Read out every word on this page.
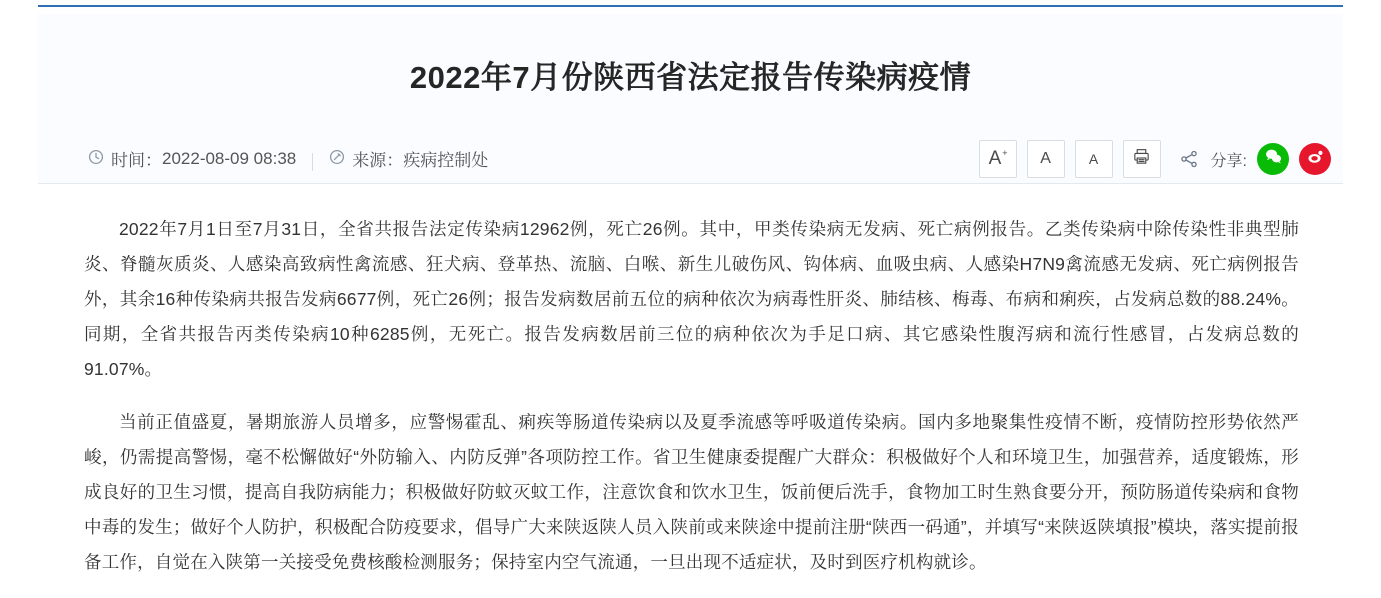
2022年7月份陕西省法定报告传染病疫情
时间： 2022-08-09 08:38	来源： 疾病控制处	A+ A	A	分享:

2022年7月1日至7月31日，全省共报告法定传染病12962例，死亡26例。其中，甲类传染病无发病、死亡病例报告。乙类传染病中除传染性非典型肺炎、脊髓灰质炎、人感染高致病性禽流感、狂犬病、登革热、流脑、白喉、新生儿破伤风、钩体病、血吸虫病、人感染H7N9禽流感无发病、死亡病例报告外，其余16种传染病共报告发病6677例，死亡26例；报告发病数居前五位的病种依次为病毒性肝炎、肺结核、梅毒、布病和痢疾，占发病总数的88.24%。同期，全省共报告丙类传染病10种6285例，无死亡。报告发病数居前三位的病种依次为手足口病、其它感染性腹泻病和流行性感冒，占发病总数的91.07%。

当前正值盛夏，暑期旅游人员增多，应警惕霍乱、痢疾等肠道传染病以及夏季流感等呼吸道传染病。国内多地聚集性疫情不断，疫情防控形势依然严峻，仍需提高警惕，毫不松懈做好“外防输入、内防反弹”各项防控工作。省卫生健康委提醒广大群众：积极做好个人和环境卫生，加强营养，适度锻炼，形成良好的卫生习惯，提高自我防病能力；积极做好防蚊灭蚊工作，注意饮食和饮水卫生，饭前便后洗手，食物加工时生熟食要分开，预防肠道传染病和食物中毒的发生；做好个人防护，积极配合防疫要求，倡导广大来陕返陕人员入陕前或来陕途中提前注册“陕西一码通”，并填写“来陕返陕填报”模块，落实提前报备工作，自觉在入陕第一关接受免费核酸检测服务；保持室内空气流通，一旦出现不适症状，及时到医疗机构就诊。
